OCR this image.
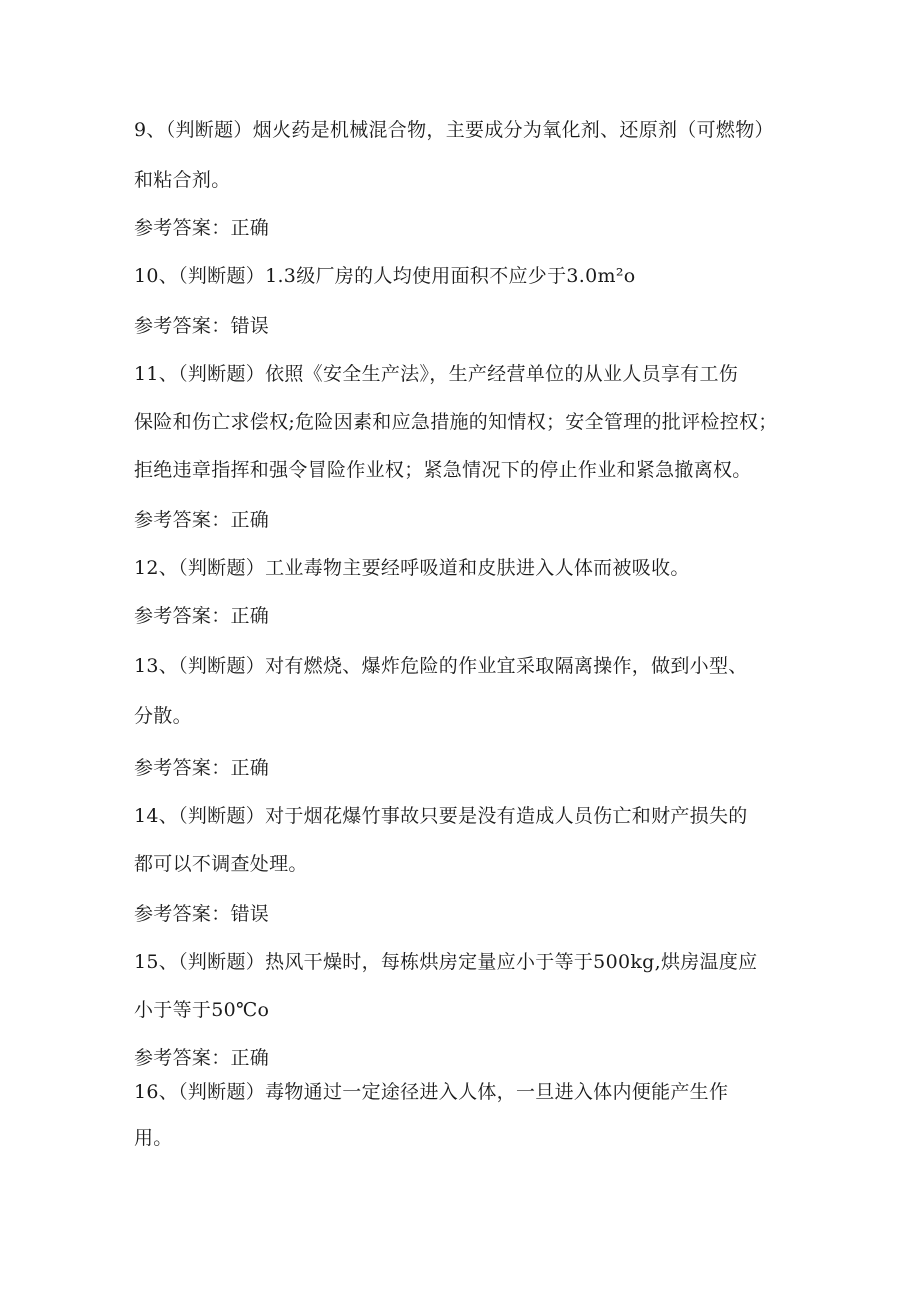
9、（判断题）烟火药是机械混合物，主要成分为氧化剂、还原剂（可燃物）
和粘合剂。
参考答案：正确
10、（判断题）1.3级厂房的人均使用面积不应少于3.0m²o
参考答案：错误
11、（判断题）依照《安全生产法》，生产经营单位的从业人员享有工伤
保险和伤亡求偿权;危险因素和应急措施的知情权；安全管理的批评检控权；
拒绝违章指挥和强令冒险作业权；紧急情况下的停止作业和紧急撤离权。
参考答案：正确
12、（判断题）工业毒物主要经呼吸道和皮肤进入人体而被吸收。
参考答案：正确
13、（判断题）对有燃烧、爆炸危险的作业宜采取隔离操作，做到小型、
分散。
参考答案：正确
14、（判断题）对于烟花爆竹事故只要是没有造成人员伤亡和财产损失的
都可以不调查处理。
参考答案：错误
15、（判断题）热风干燥时，每栋烘房定量应小于等于500kg,烘房温度应
小于等于50℃o
参考答案：正确
16、（判断题）毒物通过一定途径进入人体，一旦进入体内便能产生作
用。
